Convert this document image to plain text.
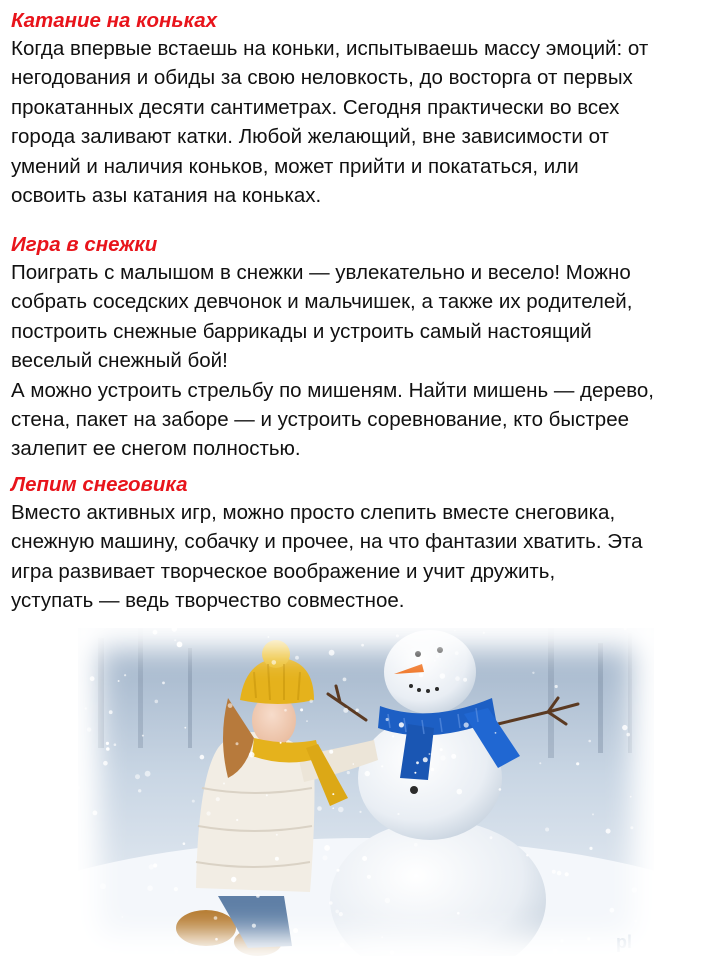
Катание на коньках

Когда впервые встаешь на коньки, испытываешь массу эмоций: от
негодования и обиды за свою неловкость, до восторга от первых
прокатанных десяти сантиметрах. Сегодня практически во всех
города заливают катки. Любой желающий, вне зависимости от
умений и наличия коньков, может прийти и покататься, или
освоить азы катания на коньках.

Игра в снежки

Поиграть с малышом в снежки — увлекательно и весело! Можно
собрать соседских девчонок и мальчишек, а также их родителей,
построить снежные баррикады и устроить самый настоящий
веселый снежный бой!
А можно устроить стрельбу по мишеням. Найти мишень — дерево,
стена, пакет на заборе — и устроить соревнование, кто быстрее
залепит ее снегом полностью.

Лепим снеговика

Вместо активных игр, можно просто слепить вместе снеговика,
снежную машину, собачку и прочее, на что фантазии хватить. Эта
игра развивает творческое воображение и учит дружить,
уступать — ведь творчество совместное.
pl
